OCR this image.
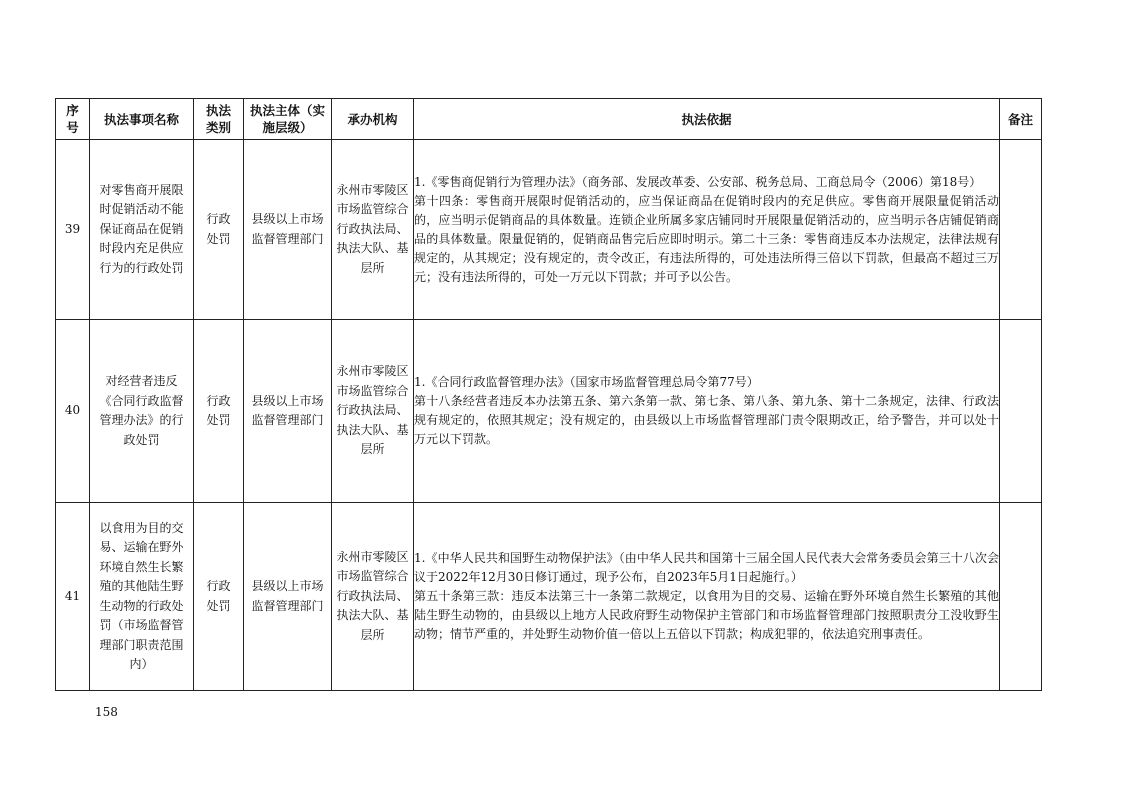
序号	执法事项名称	执法类别	执法主体（实施层级）	承办机构	执法依据	备注
39	对零售商开展限时促销活动不能保证商品在促销时段内充足供应行为的行政处罚	行政处罚	县级以上市场监督管理部门	永州市零陵区市场监管综合行政执法局、执法大队、基层所	1.《零售商促销行为管理办法》（商务部、发展改革委、公安部、税务总局、工商总局令（2006）第18号）

第十四条：零售商开展限时促销活动的，应当保证商品在促销时段内的充足供应。零售商开展限量促销活动的，应当明示促销商品的具体数量。连锁企业所属多家店铺同时开展限量促销活动的，应当明示各店铺促销商品的具体数量。限量促销的，促销商品售完后应即时明示。第二十三条：零售商违反本办法规定，法律法规有规定的，从其规定；没有规定的，责令改正，有违法所得的，可处违法所得三倍以下罚款，但最高不超过三万元；没有违法所得的，可处一万元以下罚款；并可予以公告。	

40	对经营者违反《合同行政监督管理办法》的行政处罚	行政处罚	县级以上市场监督管理部门	永州市零陵区市场监管综合行政执法局、执法大队、基层所	1.《合同行政监督管理办法》（国家市场监督管理总局令第77号）

第十八条经营者违反本办法第五条、第六条第一款、第七条、第八条、第九条、第十二条规定，法律、行政法规有规定的，依照其规定；没有规定的，由县级以上市场监督管理部门责令限期改正，给予警告，并可以处十万元以下罚款。	

41	以食用为目的交易、运输在野外环境自然生长繁殖的其他陆生野生动物的行政处罚（市场监督管理部门职责范围内）	行政处罚	县级以上市场监督管理部门	永州市零陵区市场监管综合行政执法局、执法大队、基层所	1.《中华人民共和国野生动物保护法》（由中华人民共和国第十三届全国人民代表大会常务委员会第三十八次会议于2022年12月30日修订通过，现予公布，自2023年5月1日起施行。）

第五十条第三款：违反本法第三十一条第二款规定，以食用为目的交易、运输在野外环境自然生长繁殖的其他陆生野生动物的，由县级以上地方人民政府野生动物保护主管部门和市场监督管理部门按照职责分工没收野生动物；情节严重的，并处野生动物价值一倍以上五倍以下罚款；构成犯罪的，依法追究刑事责任。	

158
